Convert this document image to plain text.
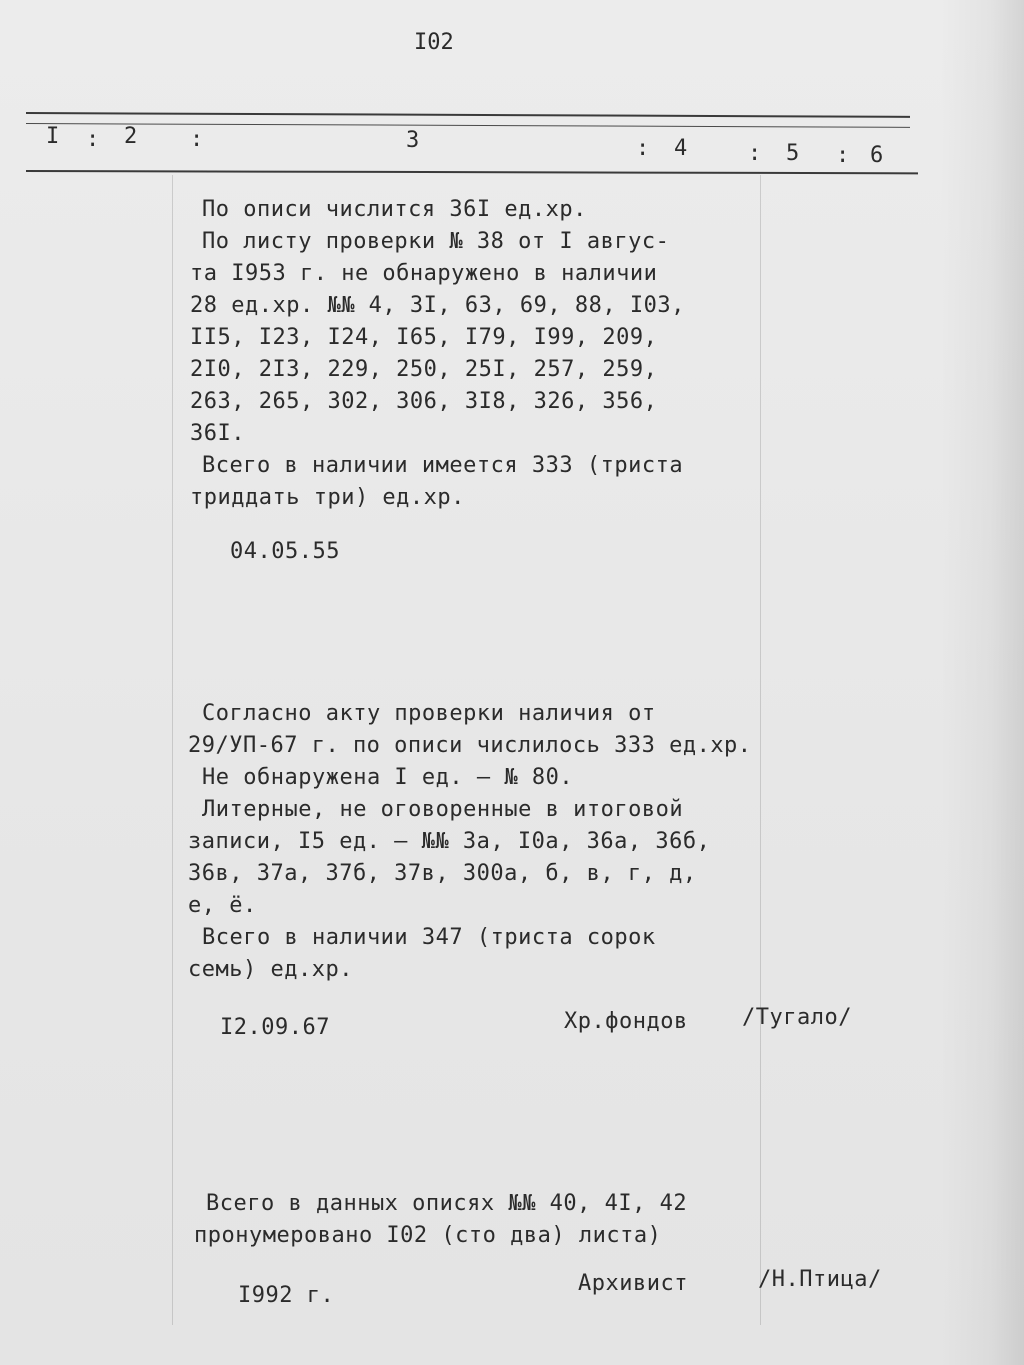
I02
I : 2 :	3	: 4	: 5 : 6
По описи числится 36I ед.хр.
По листу проверки № 38 от I авгус-
та I953 г. не обнаружено в наличии
28 ед.хр. №№ 4, 3I, 63, 69, 88, I03,
II5, I23, I24, I65, I79, I99, 209,
2I0, 2I3, 229, 250, 25I, 257, 259,
263, 265, 302, 306, 3I8, 326, 356,
36I.
Всего в наличии имеется 333 (триста
триддать три) ед.хр.
04.05.55
Согласно акту проверки наличия от
29/УП-67 г. по описи числилось 333 ед.хр.
Не обнаружена I ед. – № 80.
Литерные, не оговоренные в итоговой
записи, I5 ед. – №№ 3а, I0а, 36а, 36б,
36в, 37а, 37б, 37в, 300а, б, в, г, д,
е, ё.
Всего в наличии 347 (триста сорок
семь) ед.хр.
I2.09.67	Хр.фондов /Тугало/
Всего в данных описях №№ 40, 4I, 42
пронумеровано I02 (сто два) листа)
I992 г.	Архивист	/Н.Птица/
